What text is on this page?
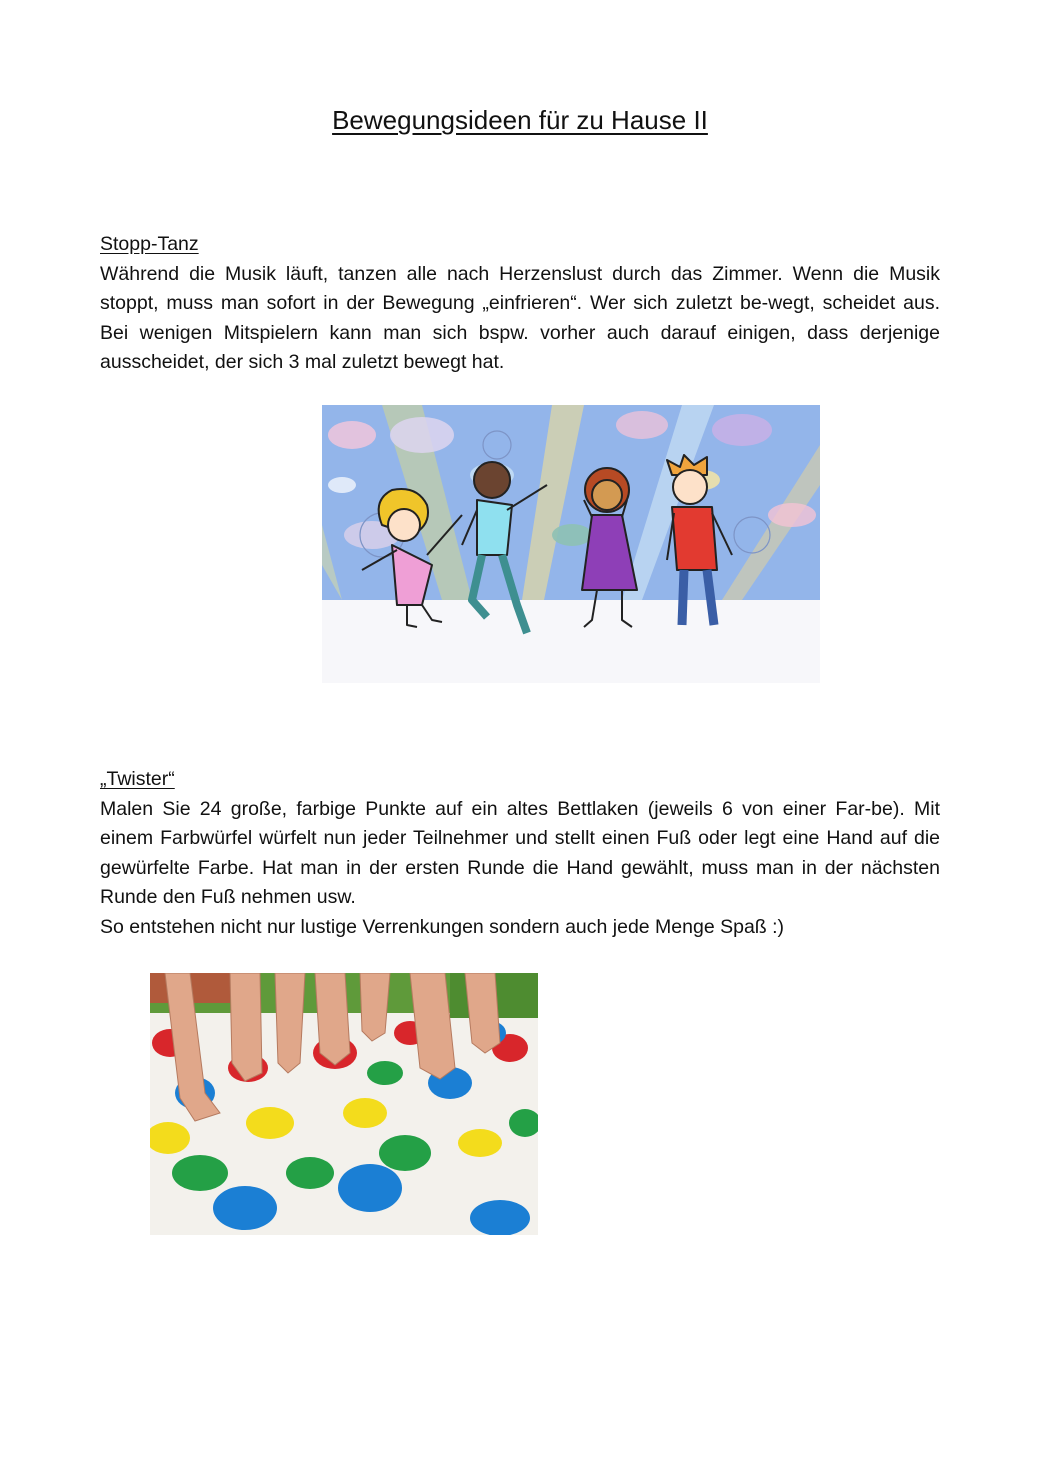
Bewegungsideen für zu Hause II
Stopp-Tanz

Während die Musik läuft, tanzen alle nach Herzenslust durch das Zimmer. Wenn die Musik stoppt, muss man sofort in der Bewegung „einfrieren“. Wer sich zuletzt be-wegt, scheidet aus. Bei wenigen Mitspielern kann man sich bspw. vorher auch darauf einigen, dass derjenige ausscheidet, der sich 3 mal zuletzt bewegt hat.

„Twister“

Malen Sie 24 große, farbige Punkte auf ein altes Bettlaken (jeweils 6 von einer Far-be). Mit einem Farbwürfel würfelt nun jeder Teilnehmer und stellt einen Fuß oder legt eine Hand auf die gewürfelte Farbe. Hat man in der ersten Runde die Hand gewählt, muss man in der nächsten Runde den Fuß nehmen usw.

So entstehen nicht nur lustige Verrenkungen sondern auch jede Menge Spaß :)
